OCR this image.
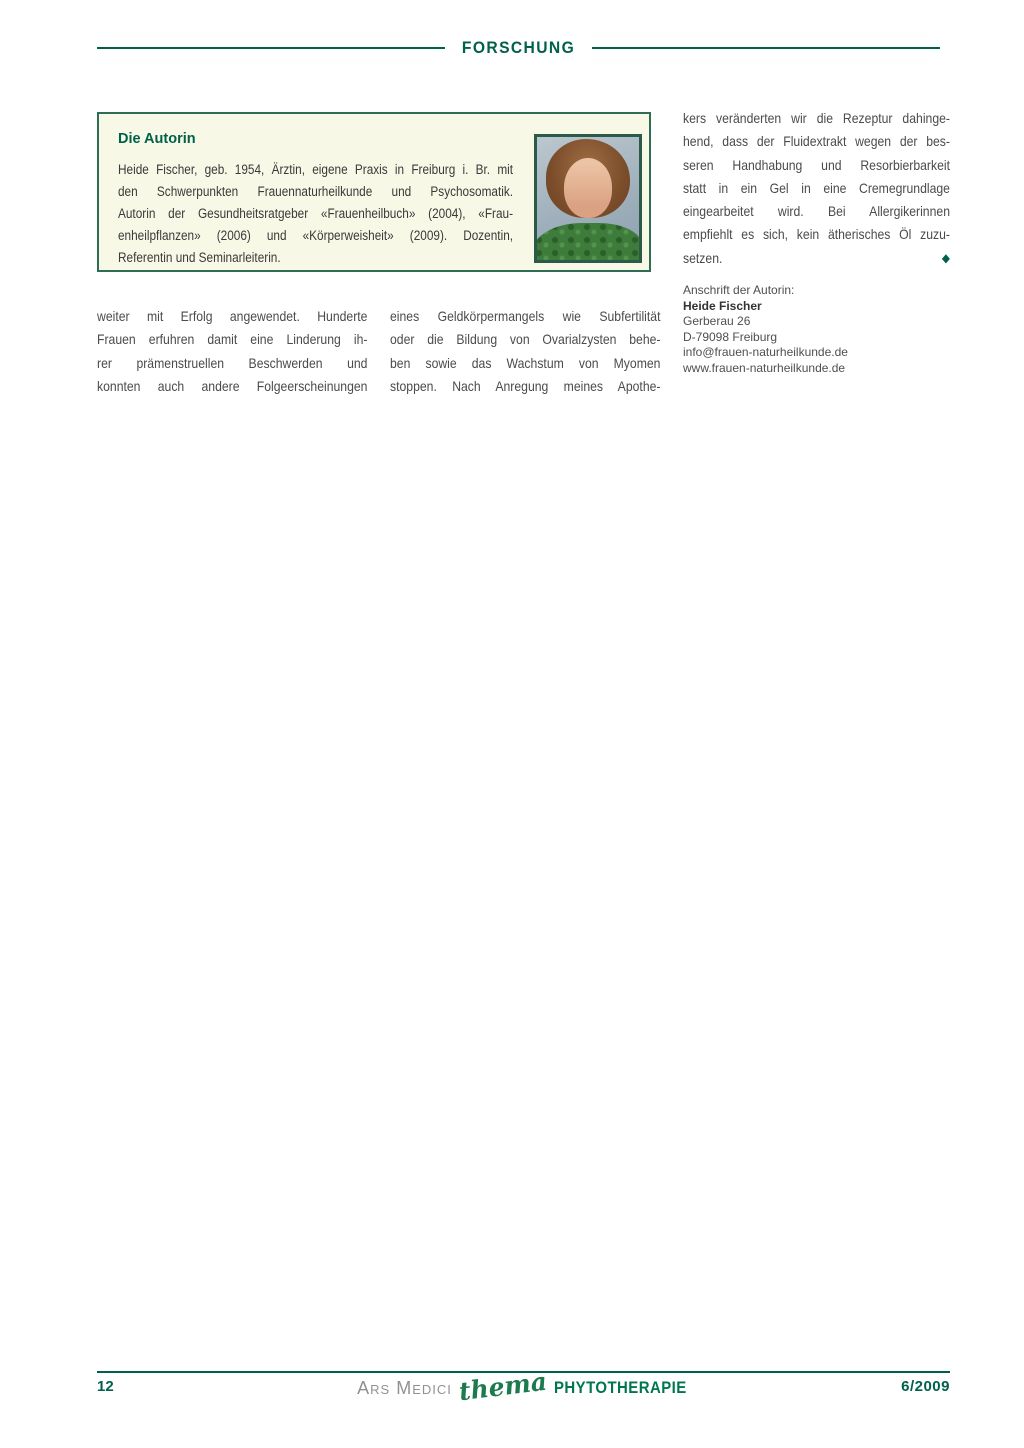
FORSCHUNG
Die Autorin
Heide Fischer, geb. 1954, Ärztin, eigene Praxis in Freiburg i. Br. mit
den Schwerpunkten Frauennaturheilkunde und Psychosomatik.
Autorin der Gesundheitsratgeber «Frauenheilbuch» (2004), «Frau-
enheilpflanzen» (2006) und «Körperweisheit» (2009). Dozentin,
Referentin und Seminarleiterin.
kers veränderten wir die Rezeptur dahinge-
hend, dass der Fluidextrakt wegen der bes-
seren Handhabung und Resorbierbarkeit
statt in ein Gel in eine Cremegrundlage
eingearbeitet wird. Bei Allergikerinnen
empfiehlt es sich, kein ätherisches Öl zuzu-
setzen.	◆
Anschrift der Autorin:
Heide Fischer
Gerberau 26
D-79098 Freiburg
info@frauen-naturheilkunde.de
www.frauen-naturheilkunde.de
weiter mit Erfolg angewendet. Hunderte
Frauen erfuhren damit eine Linderung ih-
rer prämenstruellen Beschwerden und
konnten auch andere Folgeerscheinungen
eines Geldkörpermangels wie Subfertilität
oder die Bildung von Ovarialzysten behe-
ben sowie das Wachstum von Myomen
stoppen. Nach Anregung meines Apothe-
12	Ars Medici thema PHYTOTHERAPIE	6/2009
